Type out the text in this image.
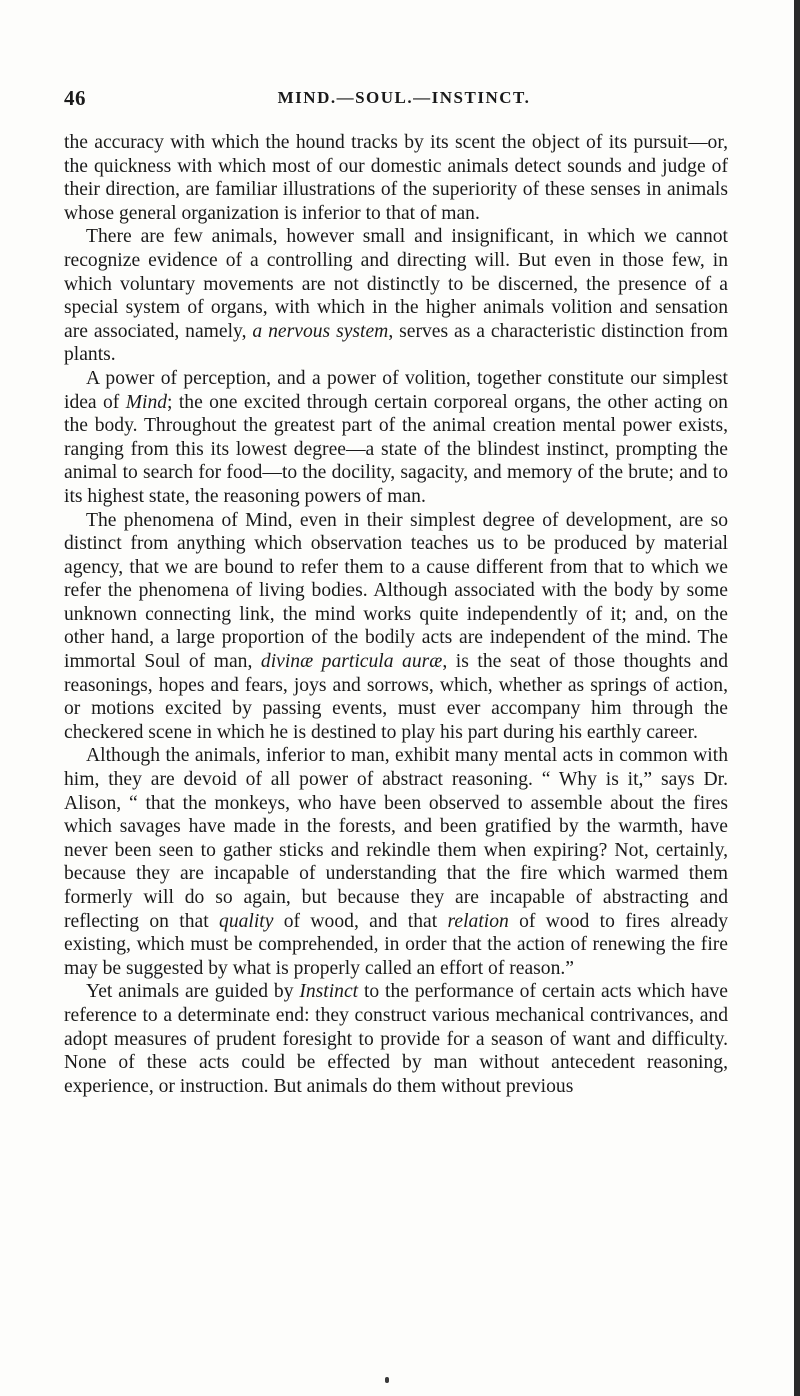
46	MIND.—SOUL.—INSTINCT.

the accuracy with which the hound tracks by its scent the object of its pursuit—or, the quickness with which most of our domestic animals detect sounds and judge of their direction, are familiar illustrations of the superiority of these senses in animals whose general organization is inferior to that of man.

There are few animals, however small and insignificant, in which we cannot recognize evidence of a controlling and directing will. But even in those few, in which voluntary movements are not distinctly to be discerned, the presence of a special system of organs, with which in the higher animals volition and sensation are associated, namely, a nervous system, serves as a characteristic distinction from plants.

A power of perception, and a power of volition, together constitute our simplest idea of Mind; the one excited through certain corporeal organs, the other acting on the body. Throughout the greatest part of the animal creation mental power exists, ranging from this its lowest degree—a state of the blindest instinct, prompting the animal to search for food—to the docility, sagacity, and memory of the brute; and to its highest state, the reasoning powers of man.

The phenomena of Mind, even in their simplest degree of development, are so distinct from anything which observation teaches us to be produced by material agency, that we are bound to refer them to a cause different from that to which we refer the phenomena of living bodies. Although associated with the body by some unknown connecting link, the mind works quite independently of it; and, on the other hand, a large proportion of the bodily acts are independent of the mind. The immortal Soul of man, divinæ particula auræ, is the seat of those thoughts and reasonings, hopes and fears, joys and sorrows, which, whether as springs of action, or motions excited by passing events, must ever accompany him through the checkered scene in which he is destined to play his part during his earthly career.

Although the animals, inferior to man, exhibit many mental acts in common with him, they are devoid of all power of abstract reasoning. “ Why is it,” says Dr. Alison, “ that the monkeys, who have been observed to assemble about the fires which savages have made in the forests, and been gratified by the warmth, have never been seen to gather sticks and rekindle them when expiring? Not, certainly, because they are incapable of understanding that the fire which warmed them formerly will do so again, but because they are incapable of abstracting and reflecting on that quality of wood, and that relation of wood to fires already existing, which must be comprehended, in order that the action of renewing the fire may be suggested by what is properly called an effort of reason.”

Yet animals are guided by Instinct to the performance of certain acts which have reference to a determinate end: they construct various mechanical contrivances, and adopt measures of prudent foresight to provide for a season of want and difficulty. None of these acts could be effected by man without antecedent reasoning, experience, or instruction. But animals do them without previous
